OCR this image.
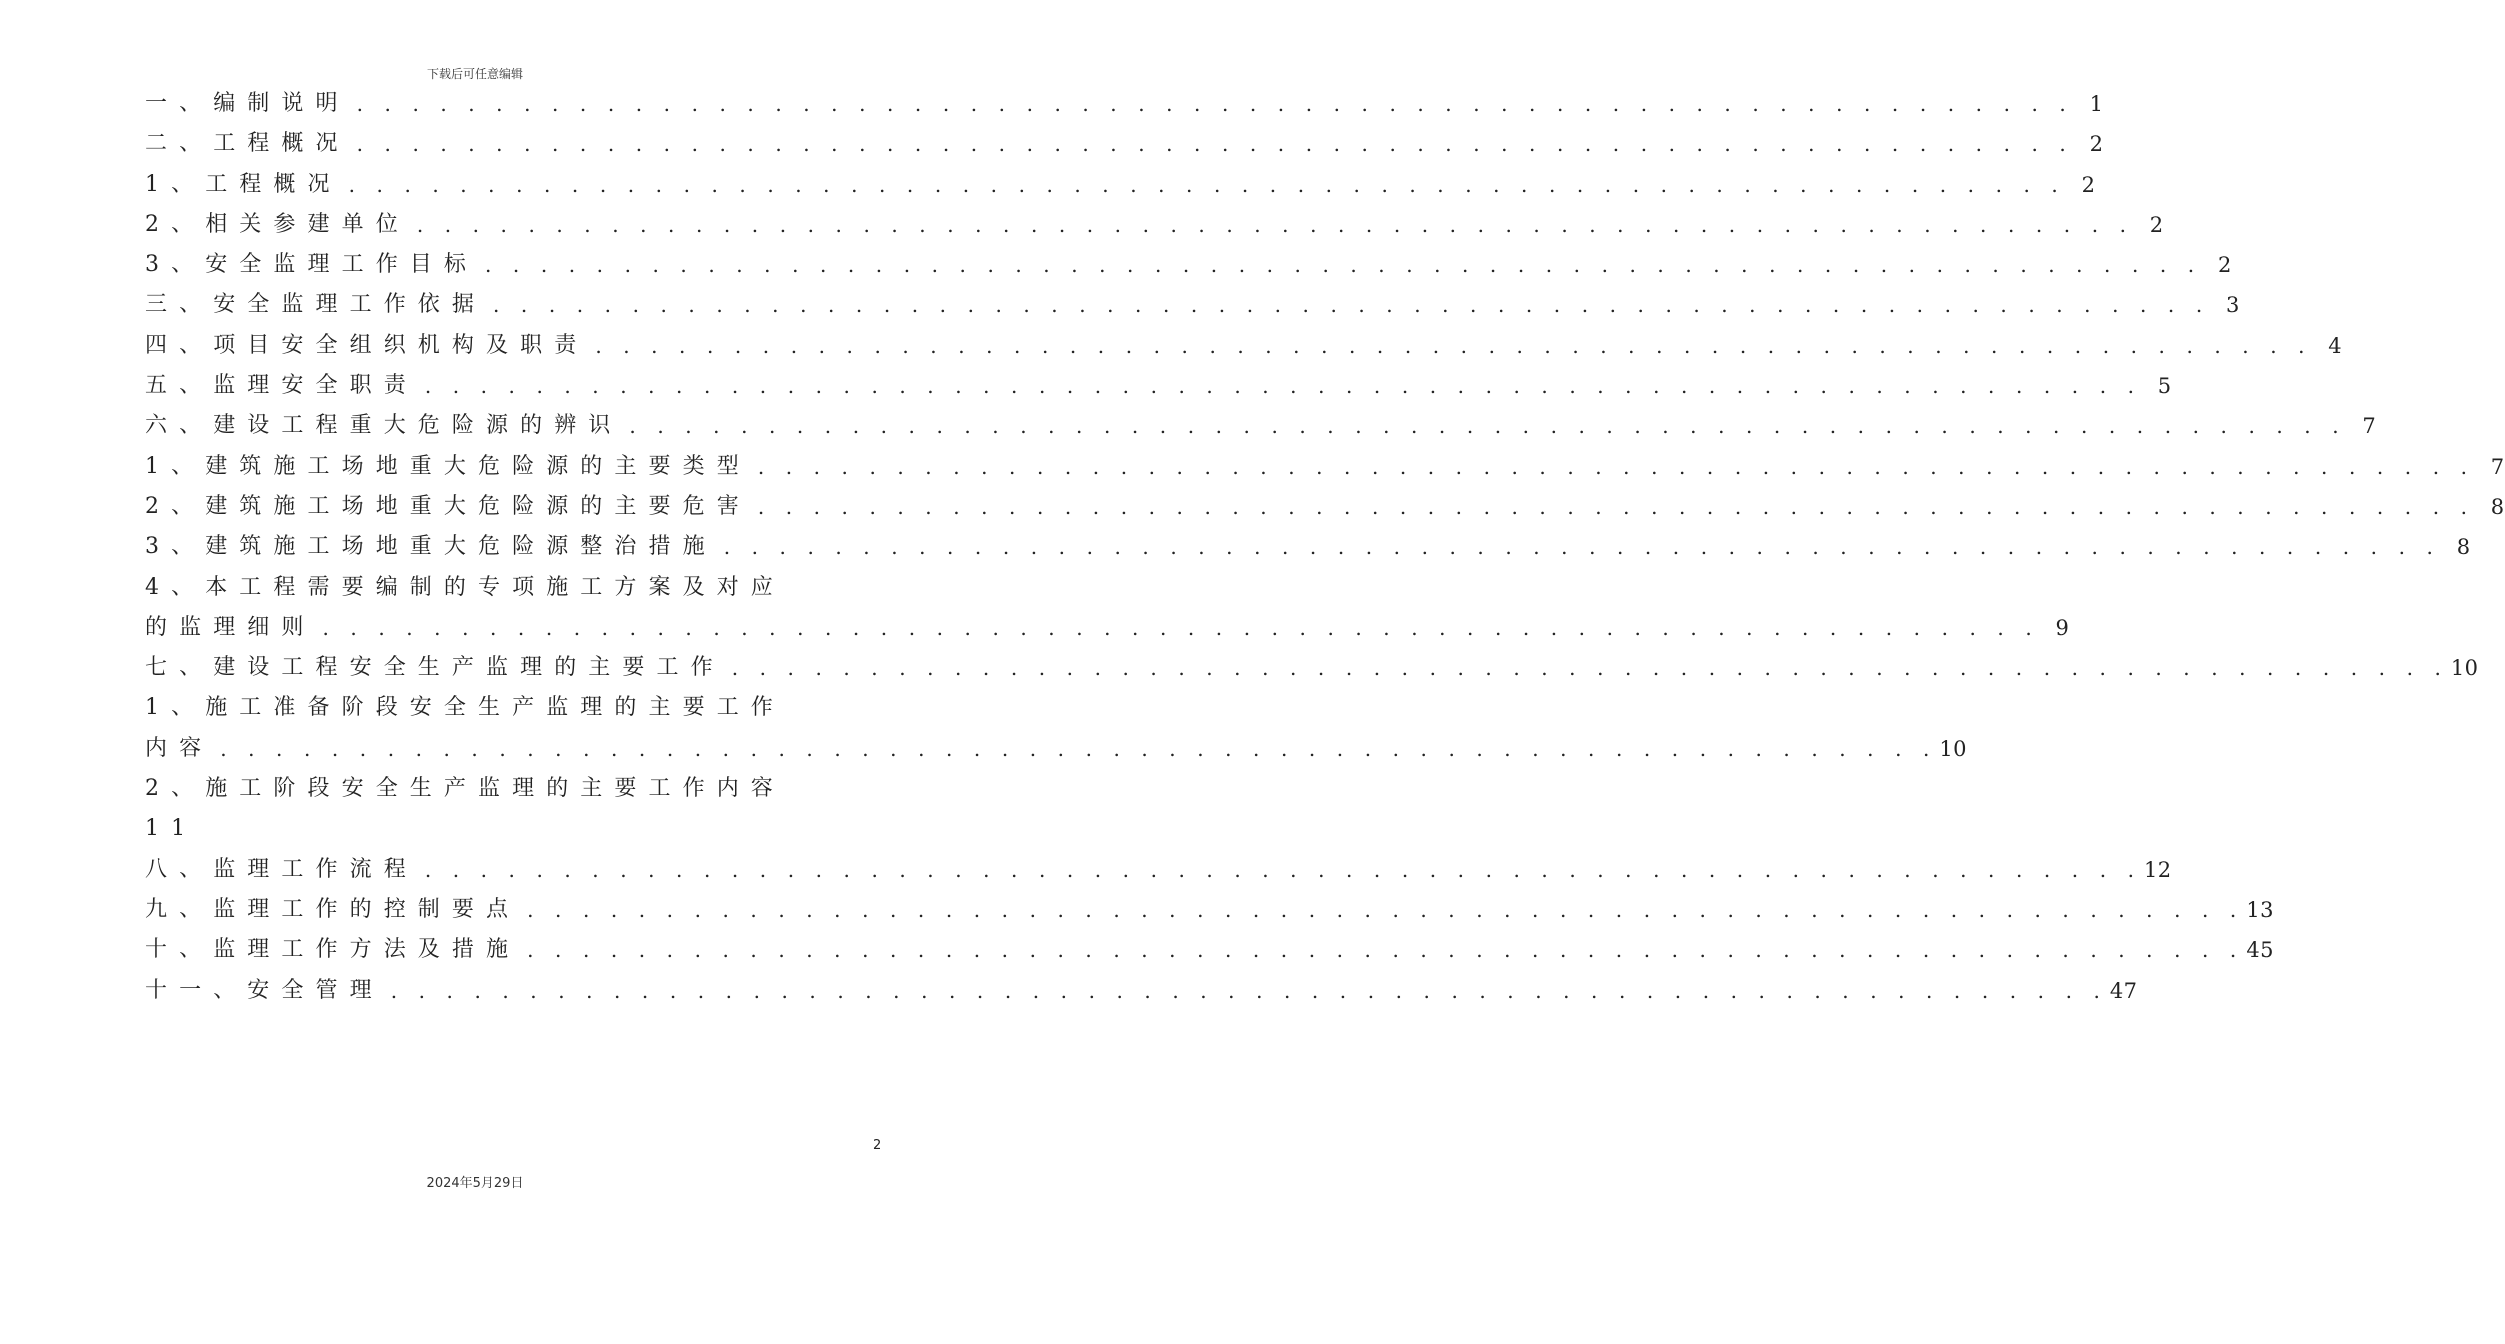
下载后可任意编辑
一、编制说明 . . . . . . . . . . . . . . . . . . . . . . . . . . . . . . . . . . . . . . . . . . . . . . . . . . . . . . . . . . . . . . 1
二、工程概况 . . . . . . . . . . . . . . . . . . . . . . . . . . . . . . . . . . . . . . . . . . . . . . . . . . . . . . . . . . . . . . 2
1、工程概况 . . . . . . . . . . . . . . . . . . . . . . . . . . . . . . . . . . . . . . . . . . . . . . . . . . . . . . . . . . . . . . 2
2、相关参建单位 . . . . . . . . . . . . . . . . . . . . . . . . . . . . . . . . . . . . . . . . . . . . . . . . . . . . . . . . . . . . . . 2
3、安全监理工作目标 . . . . . . . . . . . . . . . . . . . . . . . . . . . . . . . . . . . . . . . . . . . . . . . . . . . . . . . . . . . . . . 2
三、安全监理工作依据 . . . . . . . . . . . . . . . . . . . . . . . . . . . . . . . . . . . . . . . . . . . . . . . . . . . . . . . . . . . . . . 3
四、项目安全组织机构及职责 . . . . . . . . . . . . . . . . . . . . . . . . . . . . . . . . . . . . . . . . . . . . . . . . . . . . . . . . . . . . . . 4
五、监理安全职责 . . . . . . . . . . . . . . . . . . . . . . . . . . . . . . . . . . . . . . . . . . . . . . . . . . . . . . . . . . . . . . 5
六、建设工程重大危险源的辨识 . . . . . . . . . . . . . . . . . . . . . . . . . . . . . . . . . . . . . . . . . . . . . . . . . . . . . . . . . . . . . . 7
1、建筑施工场地重大危险源的主要类型 . . . . . . . . . . . . . . . . . . . . . . . . . . . . . . . . . . . . . . . . . . . . . . . . . . . . . . . . . . . . . . 7
2、建筑施工场地重大危险源的主要危害 . . . . . . . . . . . . . . . . . . . . . . . . . . . . . . . . . . . . . . . . . . . . . . . . . . . . . . . . . . . . . . 8
3、建筑施工场地重大危险源整治措施 . . . . . . . . . . . . . . . . . . . . . . . . . . . . . . . . . . . . . . . . . . . . . . . . . . . . . . . . . . . . . . 8
4、本工程需要编制的专项施工方案及对应
的监理细则 . . . . . . . . . . . . . . . . . . . . . . . . . . . . . . . . . . . . . . . . . . . . . . . . . . . . . . . . . . . . . . 9
七、建设工程安全生产监理的主要工作 . . . . . . . . . . . . . . . . . . . . . . . . . . . . . . . . . . . . . . . . . . . . . . . . . . . . . . . . . . . . . . 10
1、施工准备阶段安全生产监理的主要工作
内容 . . . . . . . . . . . . . . . . . . . . . . . . . . . . . . . . . . . . . . . . . . . . . . . . . . . . . . . . . . . . . . 10
2、施工阶段安全生产监理的主要工作内容
11
八、监理工作流程 . . . . . . . . . . . . . . . . . . . . . . . . . . . . . . . . . . . . . . . . . . . . . . . . . . . . . . . . . . . . . . 12
九、监理工作的控制要点 . . . . . . . . . . . . . . . . . . . . . . . . . . . . . . . . . . . . . . . . . . . . . . . . . . . . . . . . . . . . . . 13
十、监理工作方法及措施 . . . . . . . . . . . . . . . . . . . . . . . . . . . . . . . . . . . . . . . . . . . . . . . . . . . . . . . . . . . . . . 45
十一、安全管理 . . . . . . . . . . . . . . . . . . . . . . . . . . . . . . . . . . . . . . . . . . . . . . . . . . . . . . . . . . . . . . 47
2
2024年5月29日
